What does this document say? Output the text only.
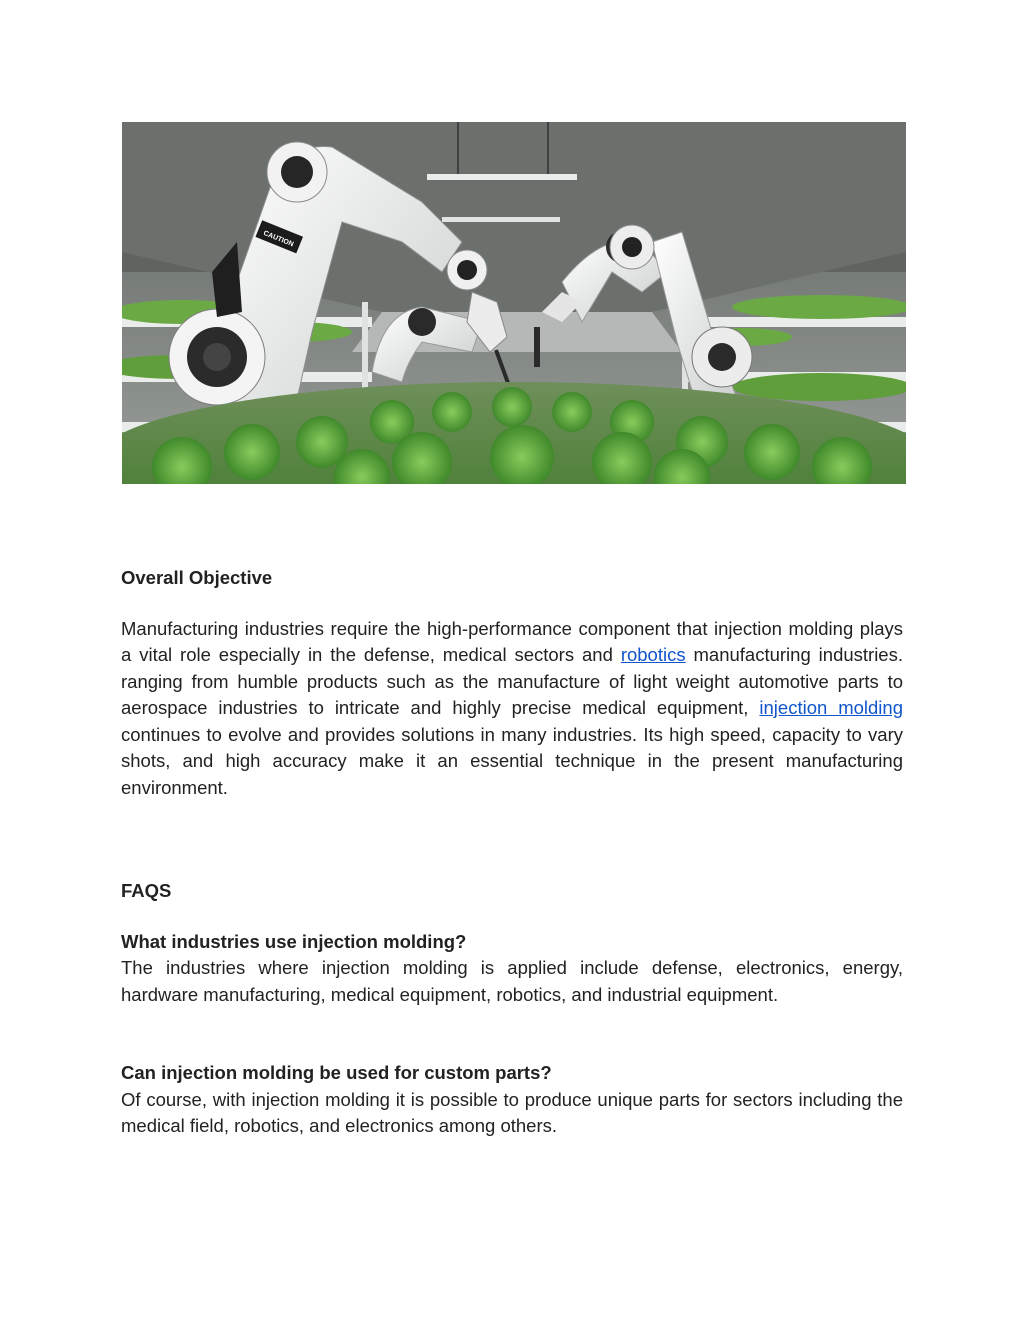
CAUTION
Overall Objective

Manufacturing industries require the high-performance component that injection molding plays a vital role especially in the defense, medical sectors and robotics manufacturing industries. ranging from humble products such as the manufacture of light weight automotive parts to aerospace industries to intricate and highly precise medical equipment, injection molding continues to evolve and provides solutions in many industries. Its high speed, capacity to vary shots, and high accuracy make it an essential technique in the present manufacturing environment.

FAQS
What industries use injection molding?

The industries where injection molding is applied include defense, electronics, energy, hardware manufacturing, medical equipment, robotics, and industrial equipment.

Can injection molding be used for custom parts?

Of course, with injection molding it is possible to produce unique parts for sectors including the medical field, robotics, and electronics among others.
